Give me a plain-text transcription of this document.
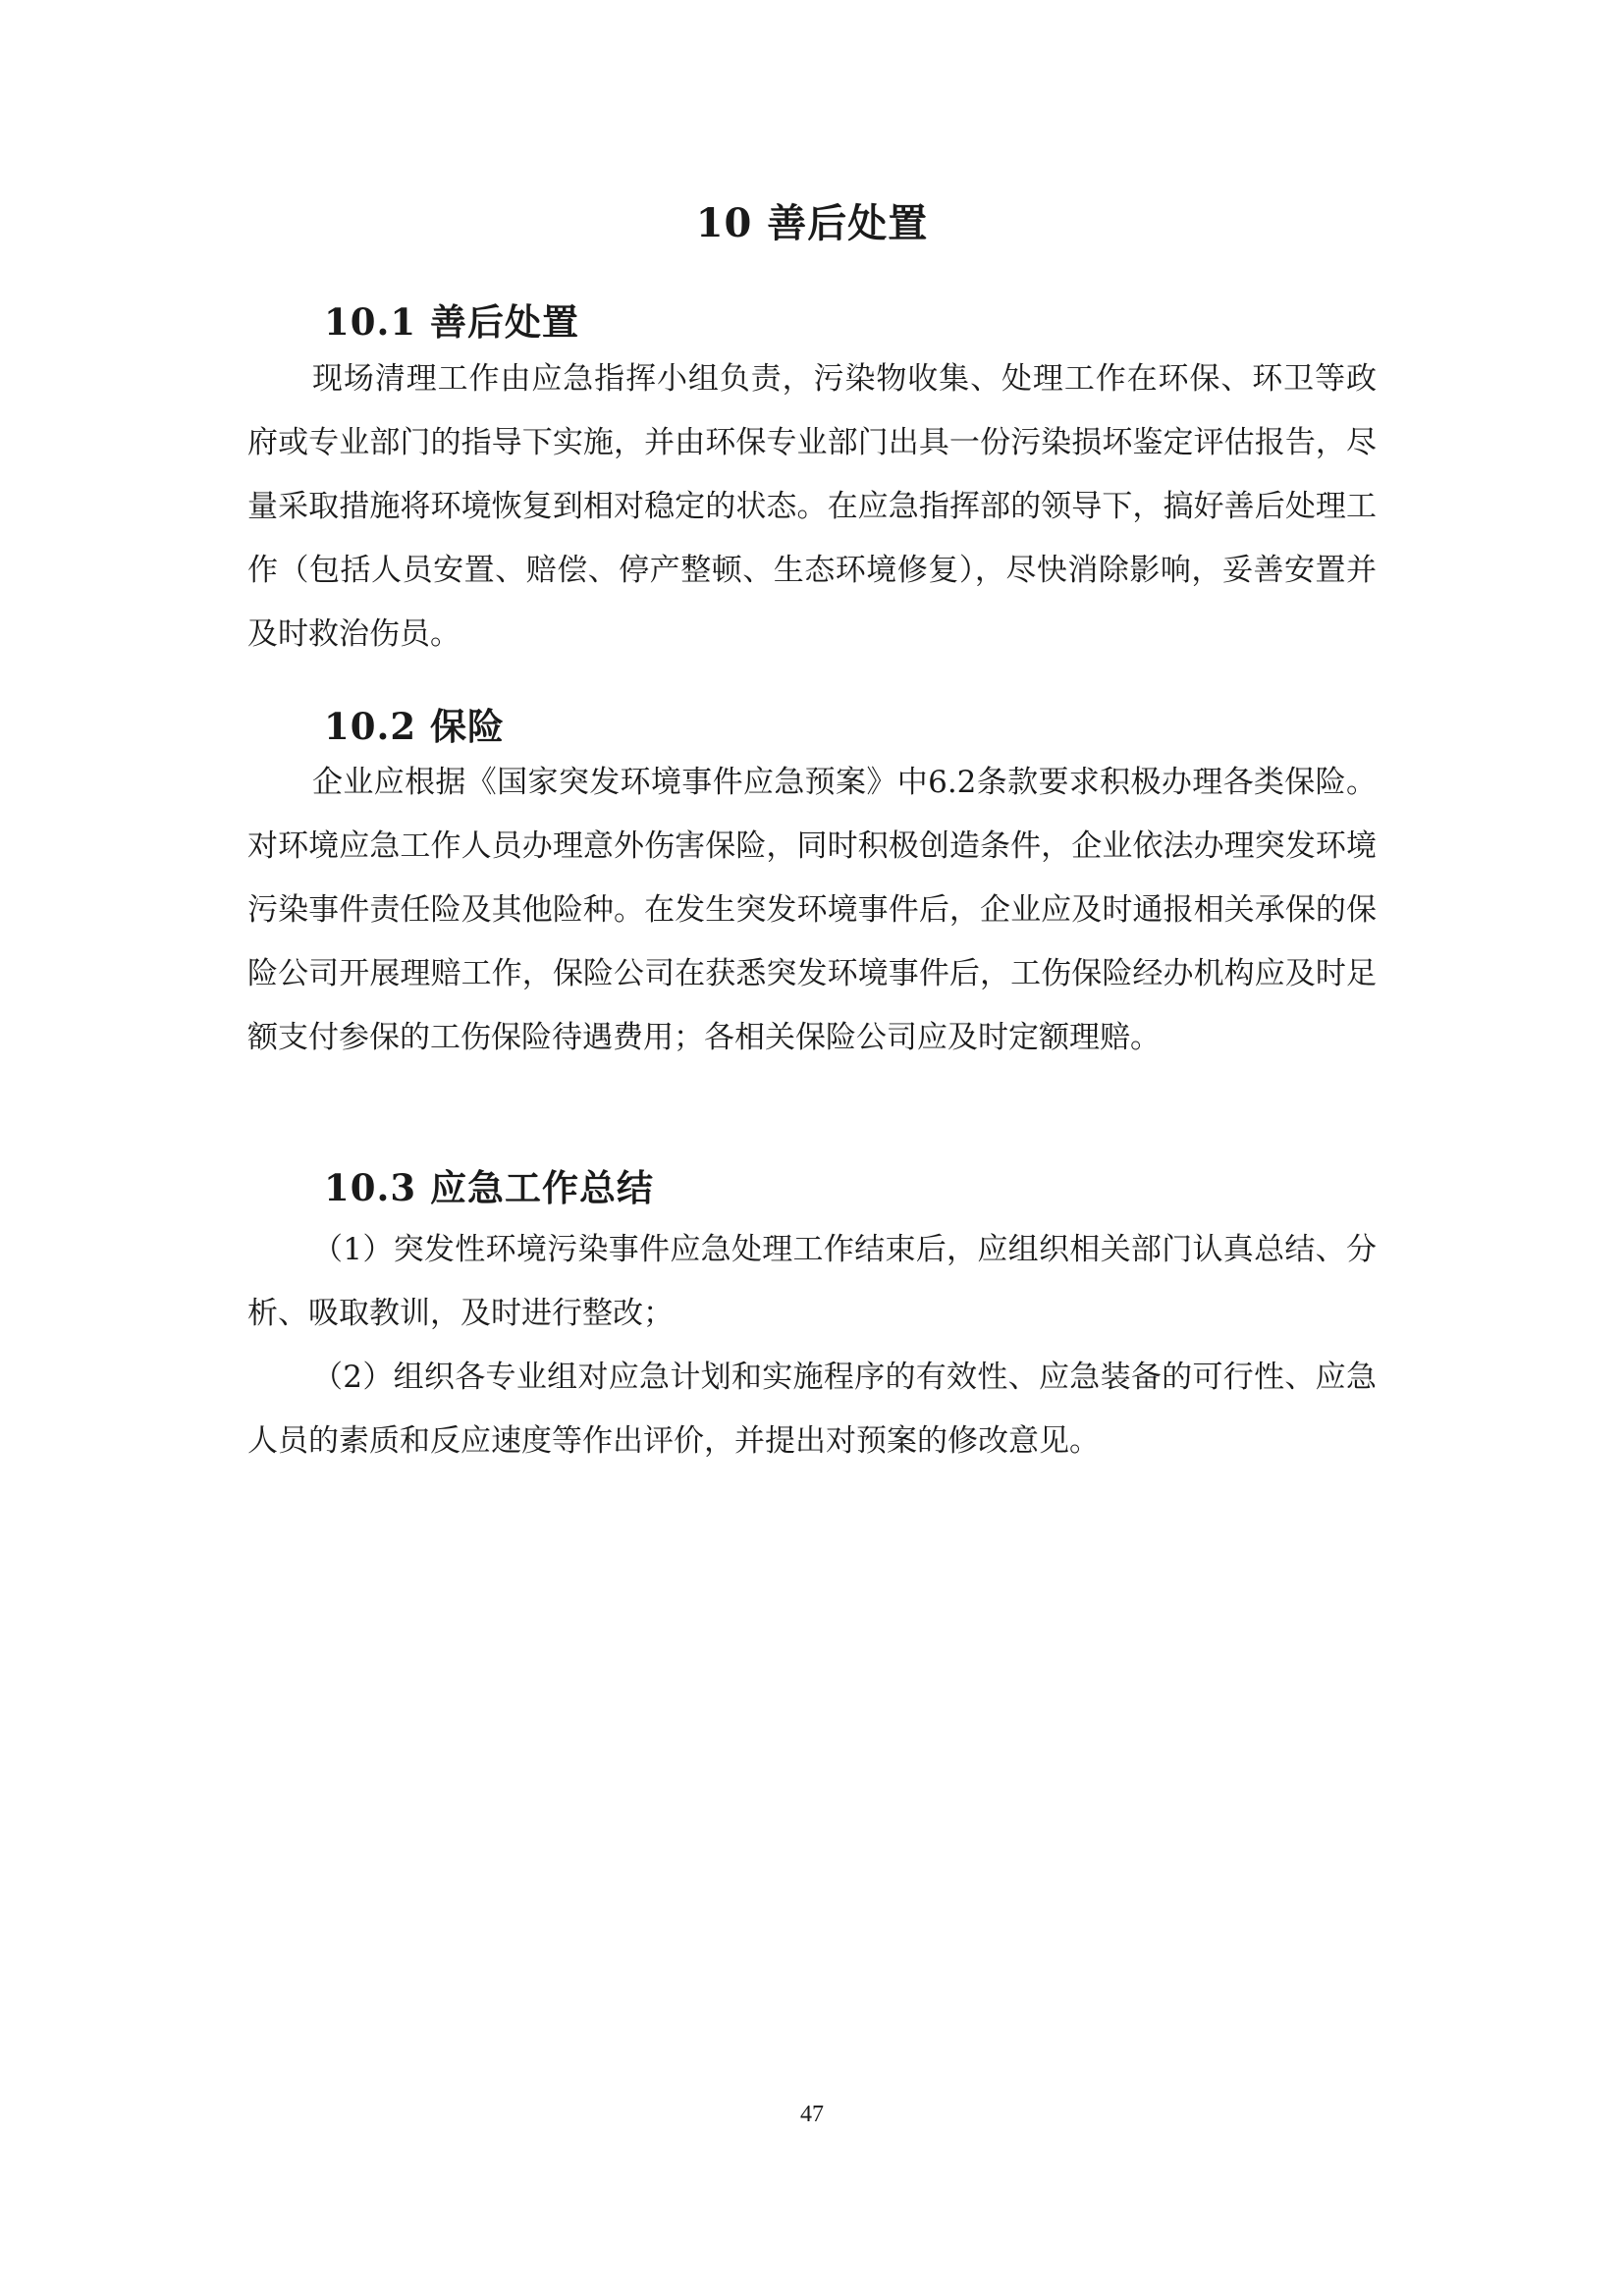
10 善后处置
10.1 善后处置

现场清理工作由应急指挥小组负责，污染物收集、处理工作在环保、环卫等政府或专业部门的指导下实施，并由环保专业部门出具一份污染损坏鉴定评估报告，尽量采取措施将环境恢复到相对稳定的状态。在应急指挥部的领导下，搞好善后处理工作（包括人员安置、赔偿、停产整顿、生态环境修复），尽快消除影响，妥善安置并及时救治伤员。

10.2 保险

企业应根据《国家突发环境事件应急预案》中6.2条款要求积极办理各类保险。对环境应急工作人员办理意外伤害保险，同时积极创造条件，企业依法办理突发环境污染事件责任险及其他险种。在发生突发环境事件后，企业应及时通报相关承保的保险公司开展理赔工作，保险公司在获悉突发环境事件后，工伤保险经办机构应及时足额支付参保的工伤保险待遇费用；各相关保险公司应及时定额理赔。

10.3 应急工作总结

（1）突发性环境污染事件应急处理工作结束后，应组织相关部门认真总结、分析、吸取教训，及时进行整改；

（2）组织各专业组对应急计划和实施程序的有效性、应急装备的可行性、应急人员的素质和反应速度等作出评价，并提出对预案的修改意见。

47
